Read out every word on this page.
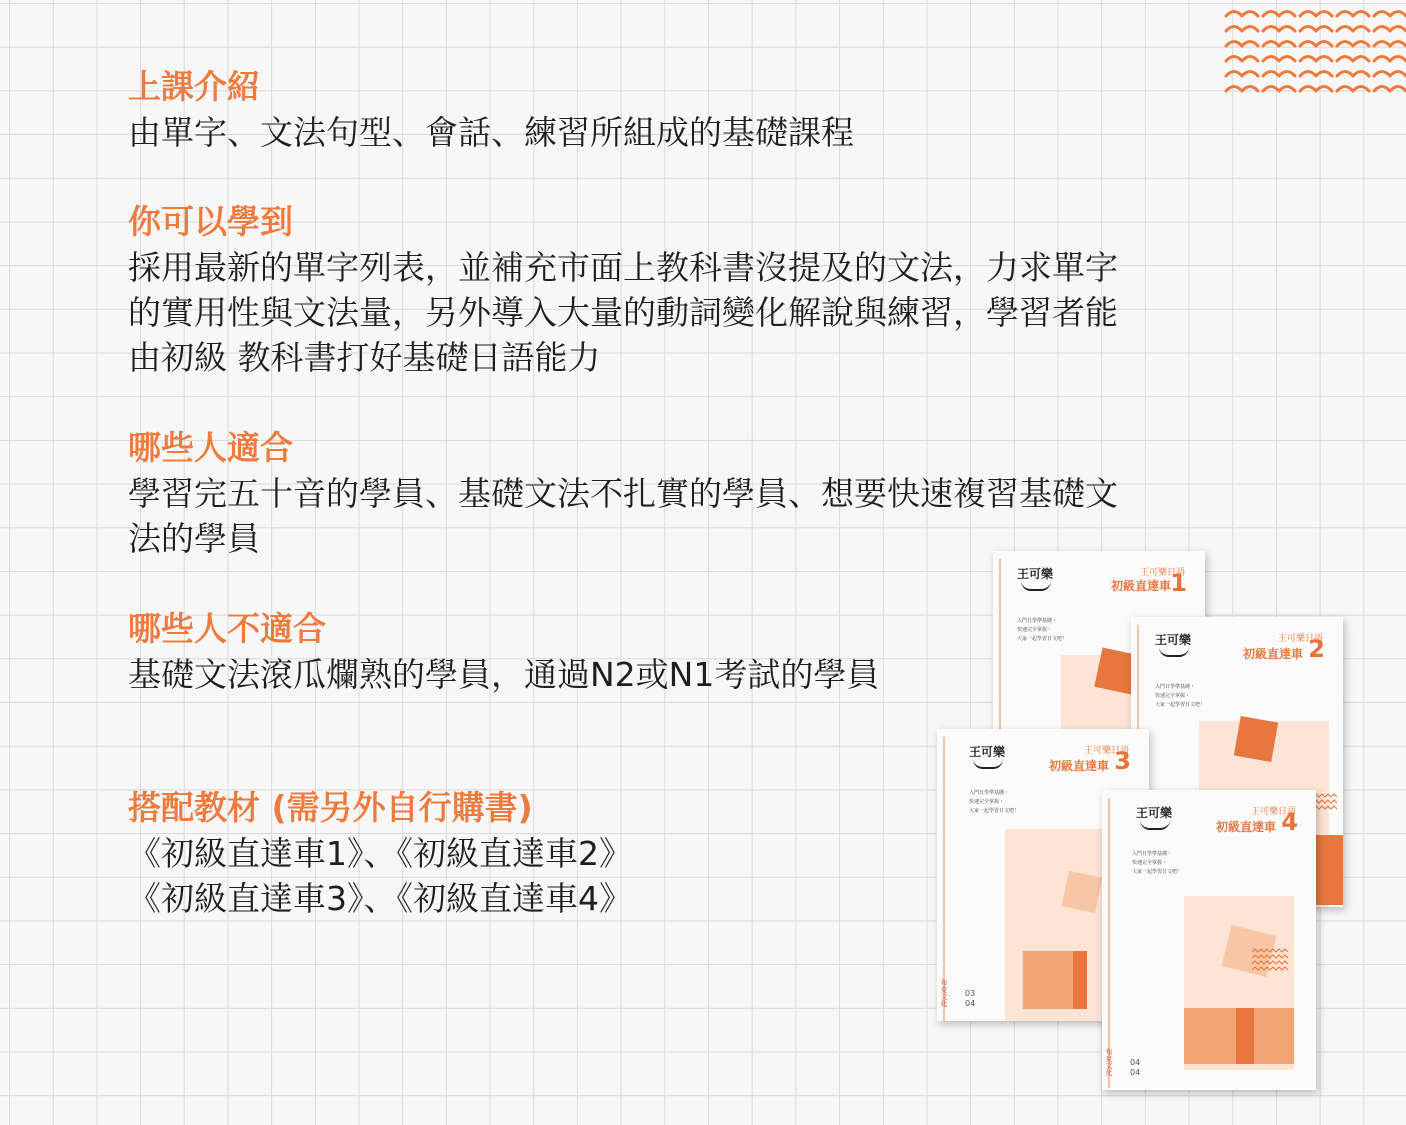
上課介紹
由單字、文法句型、會話、練習所組成的基礎課程
你可以學到
採用最新的單字列表，並補充市面上教科書沒提及的文法，力求單字
的實用性與文法量，另外導入大量的動詞變化解說與練習，學習者能
由初級 教科書打好基礎日語能力
哪些人適合
學習完五十音的學員、基礎文法不扎實的學員、想要快速複習基礎文
法的學員
哪些人不適合
基礎文法滾瓜爛熟的學員，通過N2或N1考試的學員
搭配教材 (需另外自行購書)
《初級直達車1》、《初級直達車2》
《初級直達車3》、《初級直達車4》
王可樂	王可樂日語
初級直達車 1
入門日學準基礎・
快速完全掌握・
大家一起學習日文吧！	王可樂	王可樂日語
初級直達車 2
入門日學準基礎・
快速完全掌握・
大家一起學習日文吧！
王可樂	王可樂日語
初級直達車 3
入門日學準基礎・
快速完全掌握・
大家一起學習日文吧！
03
04
布克文化
王可樂	王可樂日語
初級直達車 4
入門日學準基礎・
快速完全掌握・
大家一起學習日文吧！
04
04
布克文化
